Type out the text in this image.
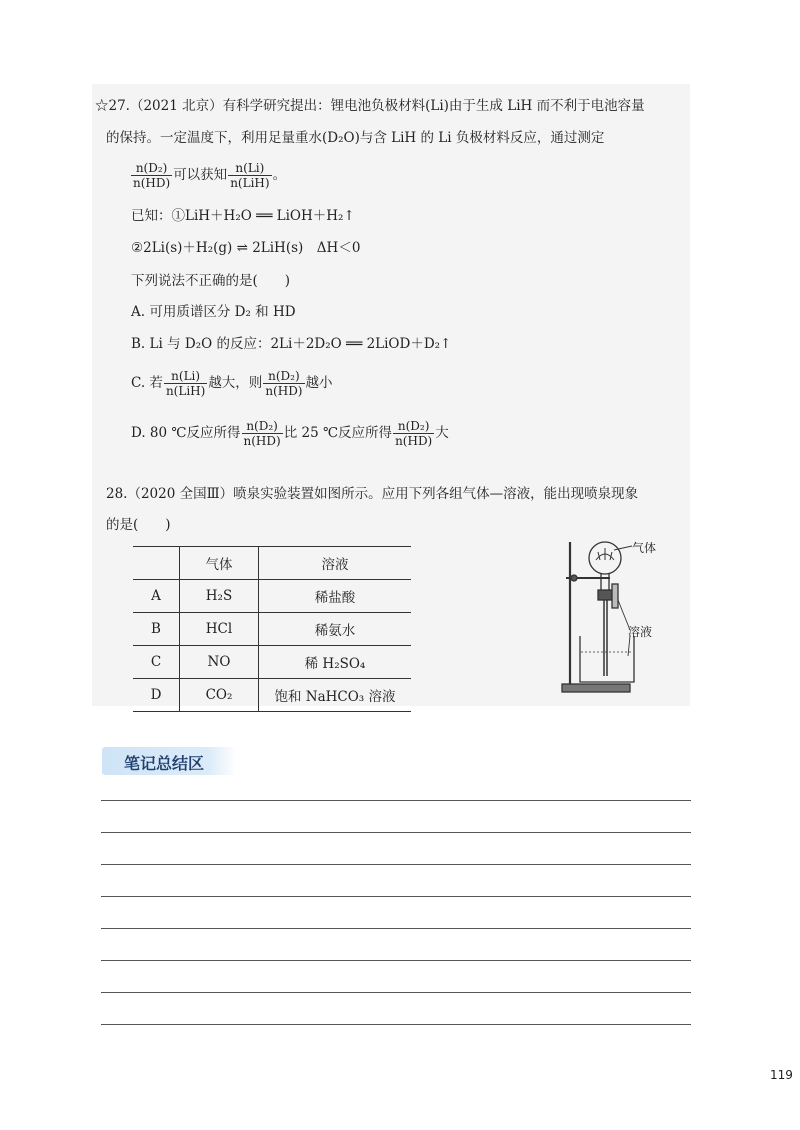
☆27.（2021 北京）有科学研究提出：锂电池负极材料(Li)由于生成 LiH 而不利于电池容量
的保持。一定温度下，利用足量重水(D₂O)与含 LiH 的 Li 负极材料反应，通过测定
$\frac{\text{n(D₂)}}{n(HD)}$ 可以获知 $\frac{n(Li)}{\text{n(LiH)}}$ 。
已知：①LiH＋H₂O ══ LiOH＋H₂↑
②2Li(s)＋H₂(g) ⇌ 2LiH(s)　ΔH＜0
下列说法不正确的是(　　)
A. 可用质谱区分 D₂ 和 HD
B. Li 与 D₂O 的反应：2Li＋2D₂O ══ 2LiOD＋D₂↑
C. 若 $\frac{n(Li)}{\text{n(LiH)}}$ 越大，则 $\frac{\text{n(D₂)}}{n(HD)}$ 越小
D. 80 ℃反应所得 $\frac{\text{n(D₂)}}{n(HD)}$ 比 25 ℃反应所得 $\frac{\text{n(D₂)}}{n(HD)}$ 大
28.（2020 全国Ⅲ）喷泉实验装置如图所示。应用下列各组气体—溶液，能出现喷泉现象
的是(　　)
	气体	溶液
A	H₂S	稀盐酸
B	HCl	稀氨水
C	NO	稀 H₂SO₄
D	CO₂	饱和 NaHCO₃ 溶液
气体
溶液
笔记总结区
119
